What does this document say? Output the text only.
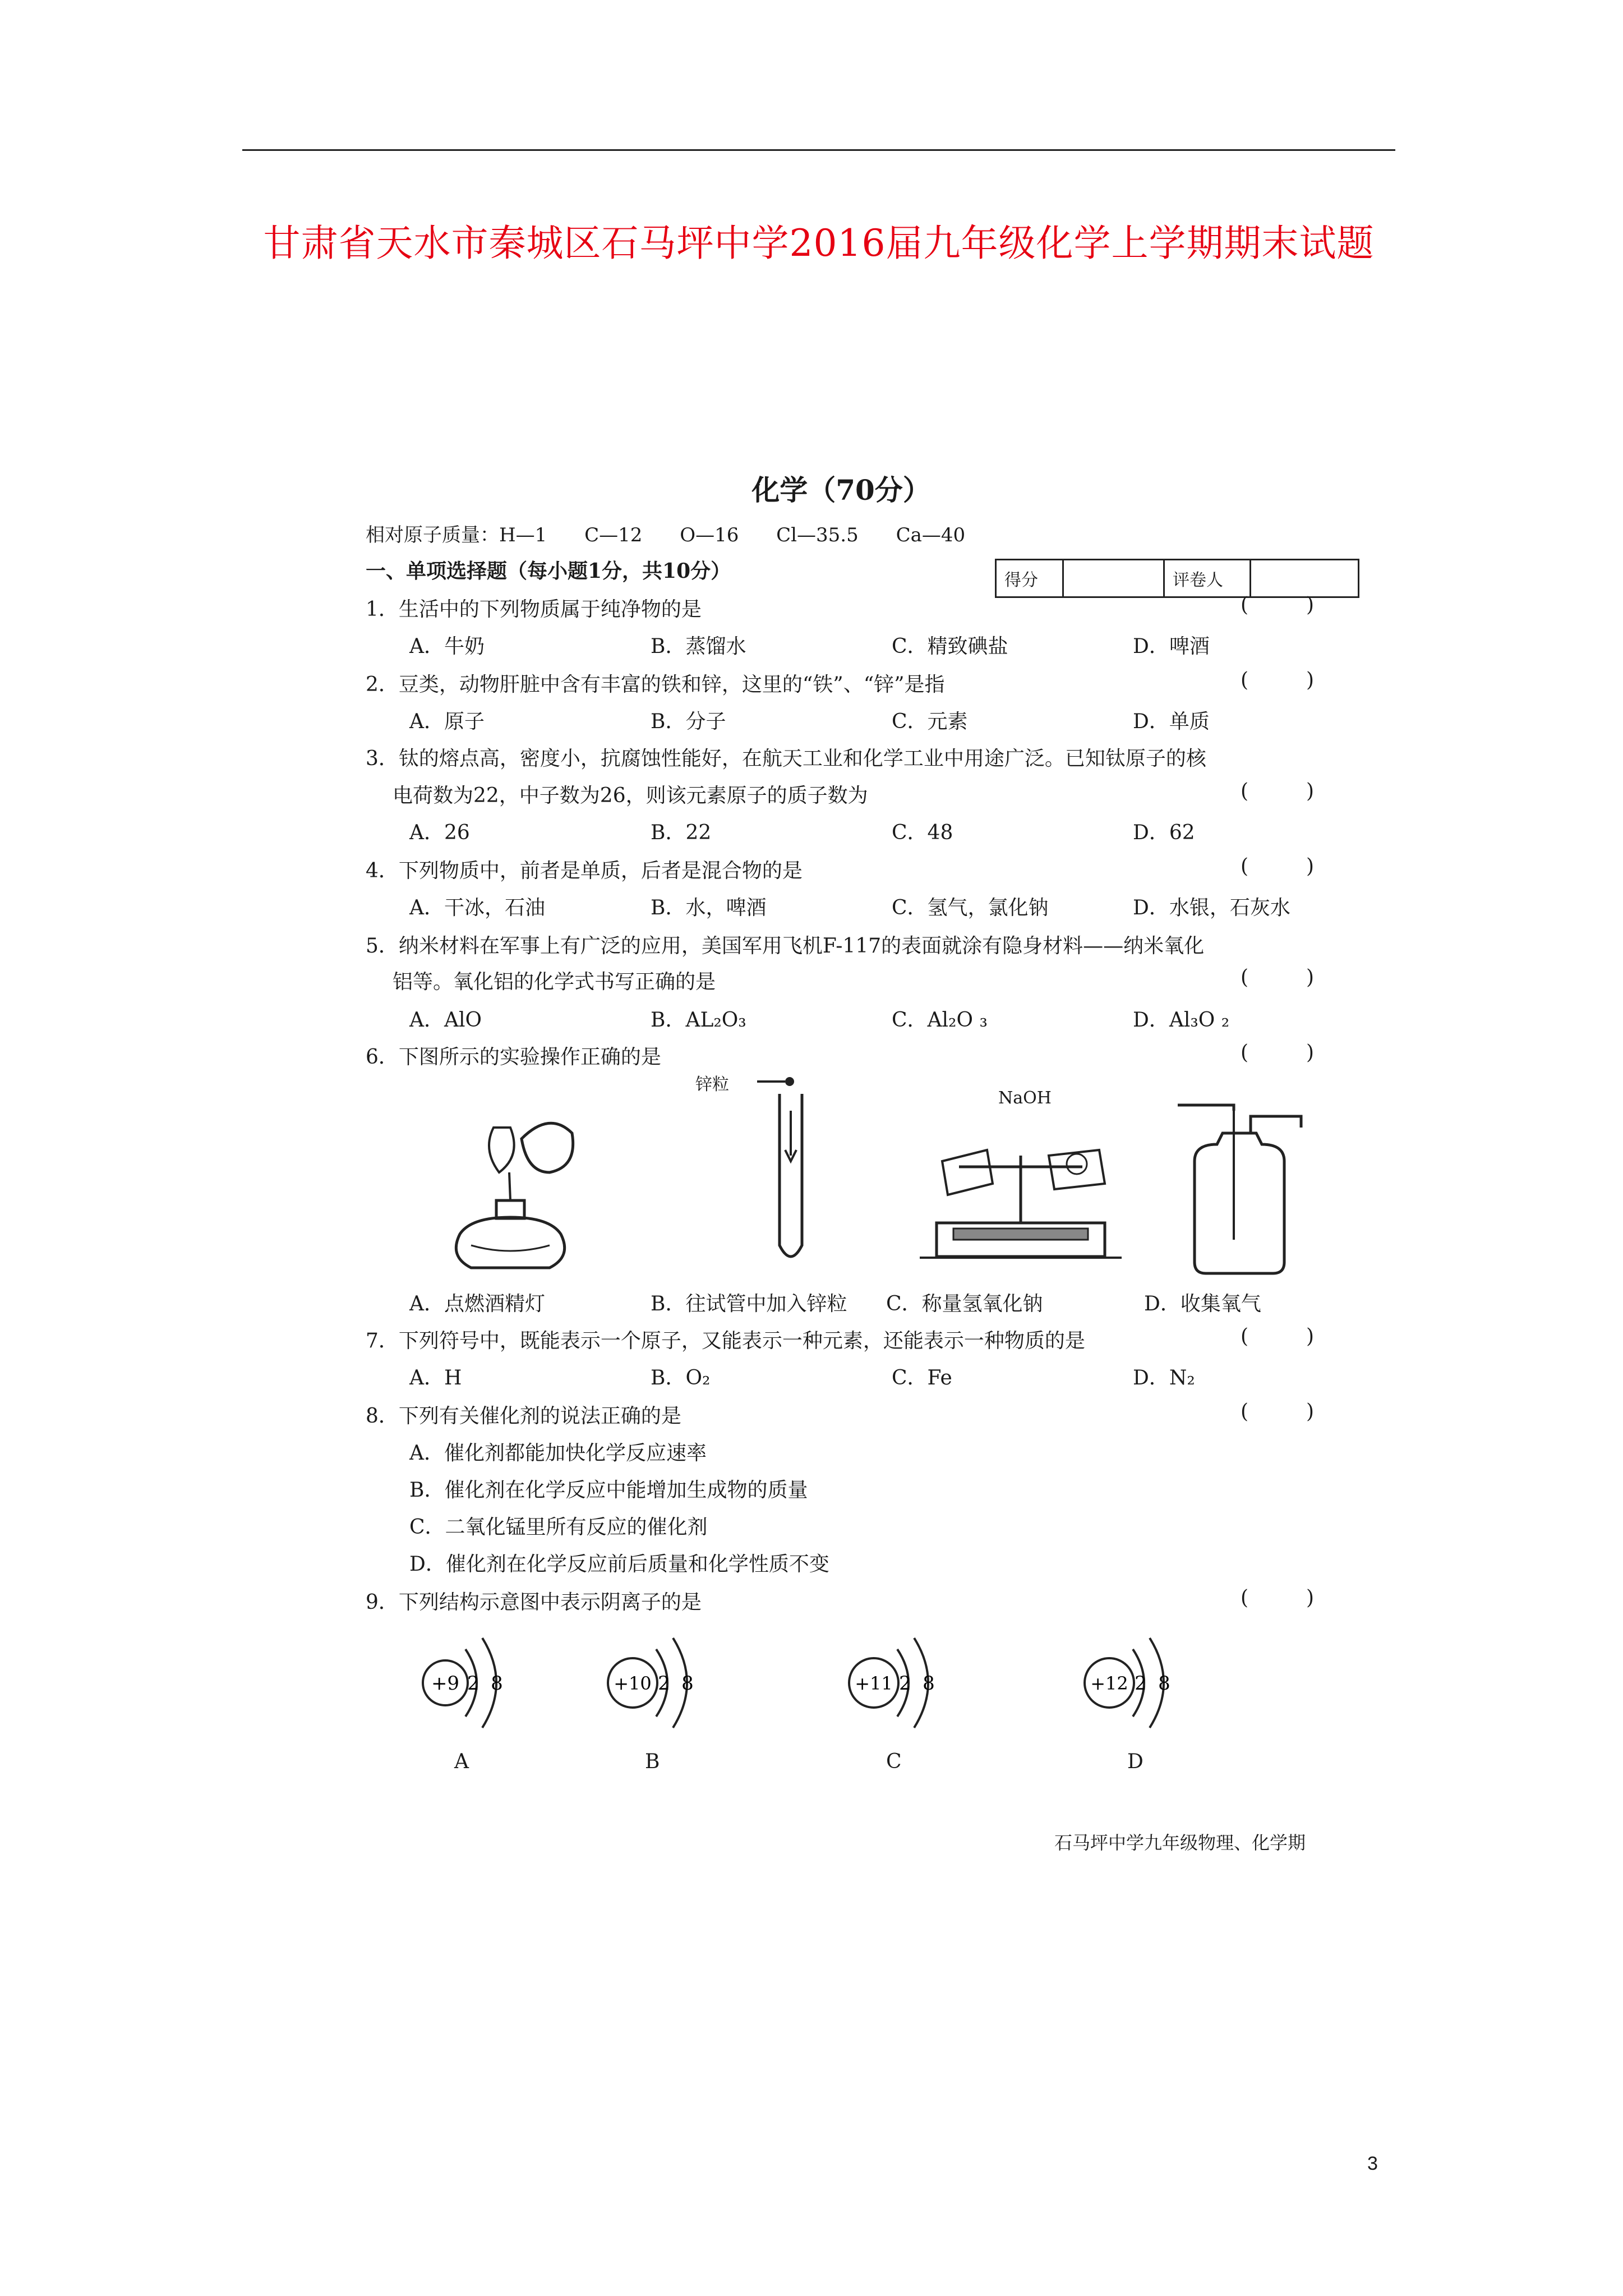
甘肃省天水市秦城区石马坪中学2016届九年级化学上学期期末试题
化学（70分）
相对原子质量：H—1 C—12 O—16 Cl—35.5 Ca—40
一、单项选择题（每小题1分，共10分）	得分	评卷人
1．生活中的下列物质属于纯净物的是	(         )
A．牛奶	B．蒸馏水	C．精致碘盐	D．啤酒
2．豆类，动物肝脏中含有丰富的铁和锌，这里的“铁”、“锌”是指	(         )
A．原子	B．分子	C．元素	D．单质
3．钛的熔点高，密度小，抗腐蚀性能好，在航天工业和化学工业中用途广泛。已知钛原子的核
电荷数为22，中子数为26，则该元素原子的质子数为	(         )
A．26	B．22	C．48	D．62
4．下列物质中，前者是单质，后者是混合物的是	(         )
A．干冰，石油	B．水，啤酒	C．氢气，氯化钠	D．水银，石灰水
5．纳米材料在军事上有广泛的应用，美国军用飞机F-117的表面就涂有隐身材料——纳米氧化
铝等。氧化铝的化学式书写正确的是	(         )
A．AlO	B．AL₂O₃	C．Al₂O ₃	D．Al₃O ₂
6．下图所示的实验操作正确的是	(         )
锌粒
NaOH
A．点燃酒精灯	B．往试管中加入锌粒 C．称量氢氧化钠	D．收集氧气
7．下列符号中，既能表示一个原子，又能表示一种元素，还能表示一种物质的是	(         )
A．H	B．O₂	C．Fe	D．N₂
8．下列有关催化剂的说法正确的是	(         )
A．催化剂都能加快化学反应速率
B．催化剂在化学反应中能增加生成物的质量
C．二氧化锰里所有反应的催化剂
D．催化剂在化学反应前后质量和化学性质不变
9．下列结构示意图中表示阴离子的是	(         )
+9 2 8	+10 2 8	+11 2 8	+12 2 8
A	B	C	D
石马坪中学九年级物理、化学期
3
